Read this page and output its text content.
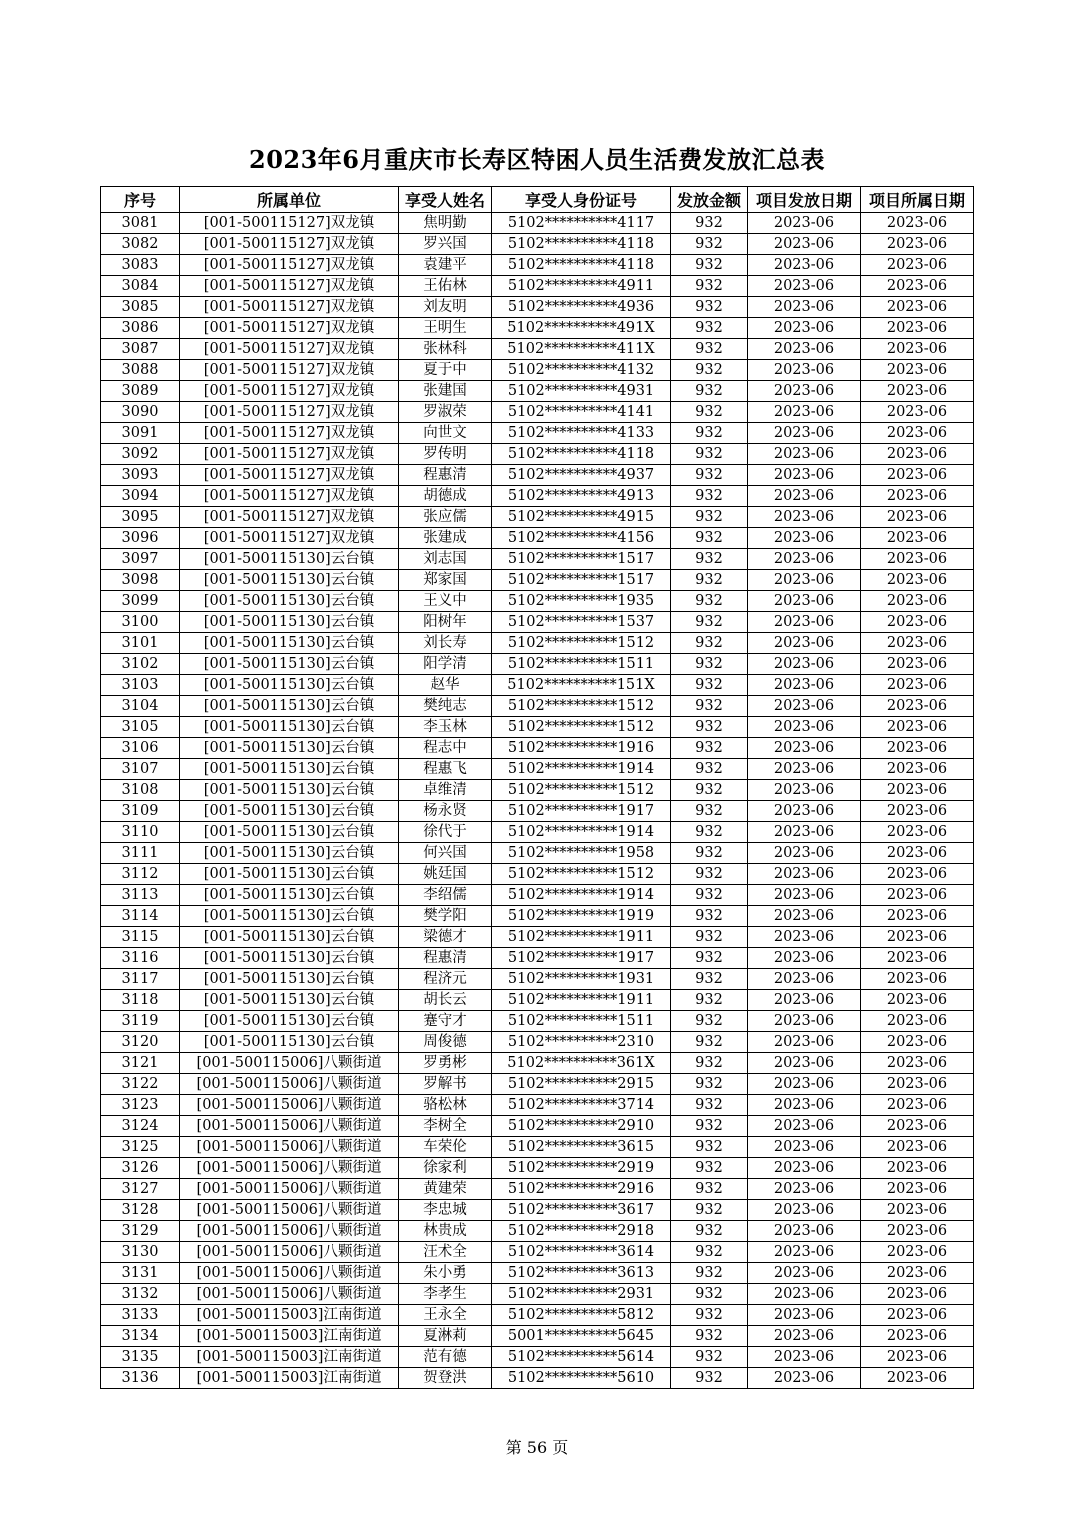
2023年6月重庆市长寿区特困人员生活费发放汇总表
序号	所属单位	享受人姓名	享受人身份证号	发放金额	项目发放日期	项目所属日期
3081	[001-500115127]双龙镇	焦明勤	5102**********4117	932	2023-06	2023-06
3082	[001-500115127]双龙镇	罗兴国	5102**********4118	932	2023-06	2023-06
3083	[001-500115127]双龙镇	袁建平	5102**********4118	932	2023-06	2023-06
3084	[001-500115127]双龙镇	王佑林	5102**********4911	932	2023-06	2023-06
3085	[001-500115127]双龙镇	刘友明	5102**********4936	932	2023-06	2023-06
3086	[001-500115127]双龙镇	王明生	5102**********491X	932	2023-06	2023-06
3087	[001-500115127]双龙镇	张林科	5102**********411X	932	2023-06	2023-06
3088	[001-500115127]双龙镇	夏于中	5102**********4132	932	2023-06	2023-06
3089	[001-500115127]双龙镇	张建国	5102**********4931	932	2023-06	2023-06
3090	[001-500115127]双龙镇	罗淑荣	5102**********4141	932	2023-06	2023-06
3091	[001-500115127]双龙镇	向世文	5102**********4133	932	2023-06	2023-06
3092	[001-500115127]双龙镇	罗传明	5102**********4118	932	2023-06	2023-06
3093	[001-500115127]双龙镇	程惠清	5102**********4937	932	2023-06	2023-06
3094	[001-500115127]双龙镇	胡德成	5102**********4913	932	2023-06	2023-06
3095	[001-500115127]双龙镇	张应儒	5102**********4915	932	2023-06	2023-06
3096	[001-500115127]双龙镇	张建成	5102**********4156	932	2023-06	2023-06
3097	[001-500115130]云台镇	刘志国	5102**********1517	932	2023-06	2023-06
3098	[001-500115130]云台镇	郑家国	5102**********1517	932	2023-06	2023-06
3099	[001-500115130]云台镇	王义中	5102**********1935	932	2023-06	2023-06
3100	[001-500115130]云台镇	阳树年	5102**********1537	932	2023-06	2023-06
3101	[001-500115130]云台镇	刘长寿	5102**********1512	932	2023-06	2023-06
3102	[001-500115130]云台镇	阳学清	5102**********1511	932	2023-06	2023-06
3103	[001-500115130]云台镇	赵华	5102**********151X	932	2023-06	2023-06
3104	[001-500115130]云台镇	樊纯志	5102**********1512	932	2023-06	2023-06
3105	[001-500115130]云台镇	李玉林	5102**********1512	932	2023-06	2023-06
3106	[001-500115130]云台镇	程志中	5102**********1916	932	2023-06	2023-06
3107	[001-500115130]云台镇	程惠飞	5102**********1914	932	2023-06	2023-06
3108	[001-500115130]云台镇	卓维清	5102**********1512	932	2023-06	2023-06
3109	[001-500115130]云台镇	杨永贤	5102**********1917	932	2023-06	2023-06
3110	[001-500115130]云台镇	徐代于	5102**********1914	932	2023-06	2023-06
3111	[001-500115130]云台镇	何兴国	5102**********1958	932	2023-06	2023-06
3112	[001-500115130]云台镇	姚廷国	5102**********1512	932	2023-06	2023-06
3113	[001-500115130]云台镇	李绍儒	5102**********1914	932	2023-06	2023-06
3114	[001-500115130]云台镇	樊学阳	5102**********1919	932	2023-06	2023-06
3115	[001-500115130]云台镇	梁德才	5102**********1911	932	2023-06	2023-06
3116	[001-500115130]云台镇	程惠清	5102**********1917	932	2023-06	2023-06
3117	[001-500115130]云台镇	程济元	5102**********1931	932	2023-06	2023-06
3118	[001-500115130]云台镇	胡长云	5102**********1911	932	2023-06	2023-06
3119	[001-500115130]云台镇	蹇守才	5102**********1511	932	2023-06	2023-06
3120	[001-500115130]云台镇	周俊德	5102**********2310	932	2023-06	2023-06
3121	[001-500115006]八颗街道	罗勇彬	5102**********361X	932	2023-06	2023-06
3122	[001-500115006]八颗街道	罗解书	5102**********2915	932	2023-06	2023-06
3123	[001-500115006]八颗街道	骆松林	5102**********3714	932	2023-06	2023-06
3124	[001-500115006]八颗街道	李树全	5102**********2910	932	2023-06	2023-06
3125	[001-500115006]八颗街道	车荣伦	5102**********3615	932	2023-06	2023-06
3126	[001-500115006]八颗街道	徐家利	5102**********2919	932	2023-06	2023-06
3127	[001-500115006]八颗街道	黄建荣	5102**********2916	932	2023-06	2023-06
3128	[001-500115006]八颗街道	李忠城	5102**********3617	932	2023-06	2023-06
3129	[001-500115006]八颗街道	林贵成	5102**********2918	932	2023-06	2023-06
3130	[001-500115006]八颗街道	汪术全	5102**********3614	932	2023-06	2023-06
3131	[001-500115006]八颗街道	朱小勇	5102**********3613	932	2023-06	2023-06
3132	[001-500115006]八颗街道	李孝生	5102**********2931	932	2023-06	2023-06
3133	[001-500115003]江南街道	王永全	5102**********5812	932	2023-06	2023-06
3134	[001-500115003]江南街道	夏淋莉	5001**********5645	932	2023-06	2023-06
3135	[001-500115003]江南街道	范有德	5102**********5614	932	2023-06	2023-06
3136	[001-500115003]江南街道	贺登洪	5102**********5610	932	2023-06	2023-06
第 56 页
